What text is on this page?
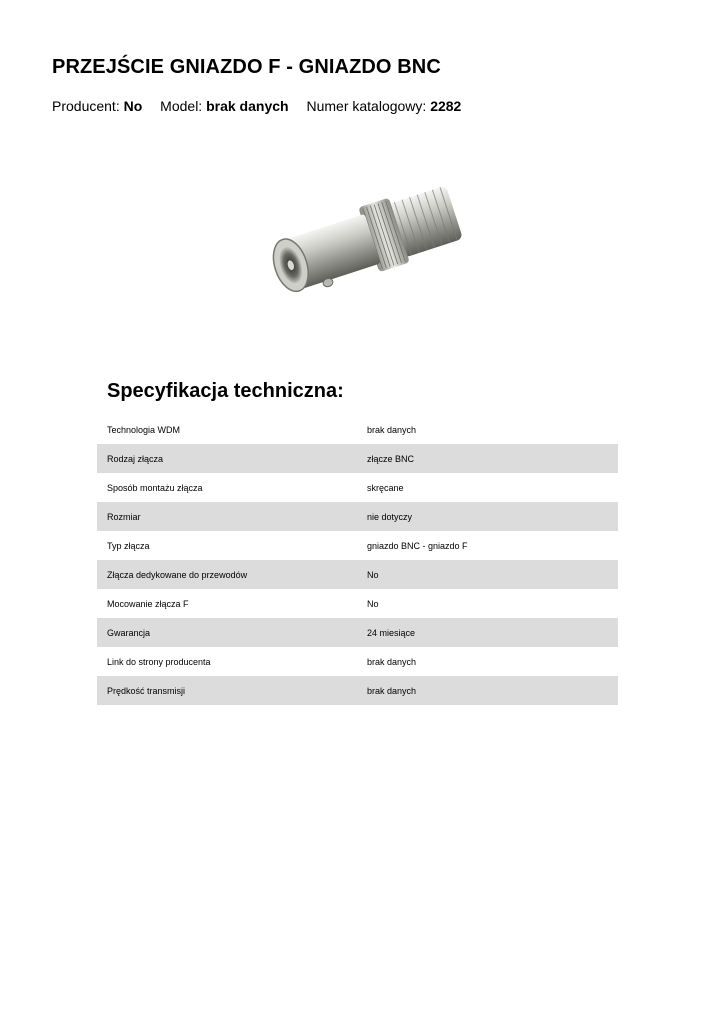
PRZEJŚCIE GNIAZDO F - GNIAZDO BNC
Producent: No Model: brak danych Numer katalogowy: 2282
Specyfikacja techniczna:
Technologia WDM	brak danych
Rodzaj złącza	złącze BNC
Sposób montażu złącza	skręcane
Rozmiar	nie dotyczy
Typ złącza	gniazdo BNC - gniazdo F
Złącza dedykowane do przewodów	No
Mocowanie złącza F	No
Gwarancja	24 miesiące
Link do strony producenta	brak danych
Prędkość transmisji	brak danych
